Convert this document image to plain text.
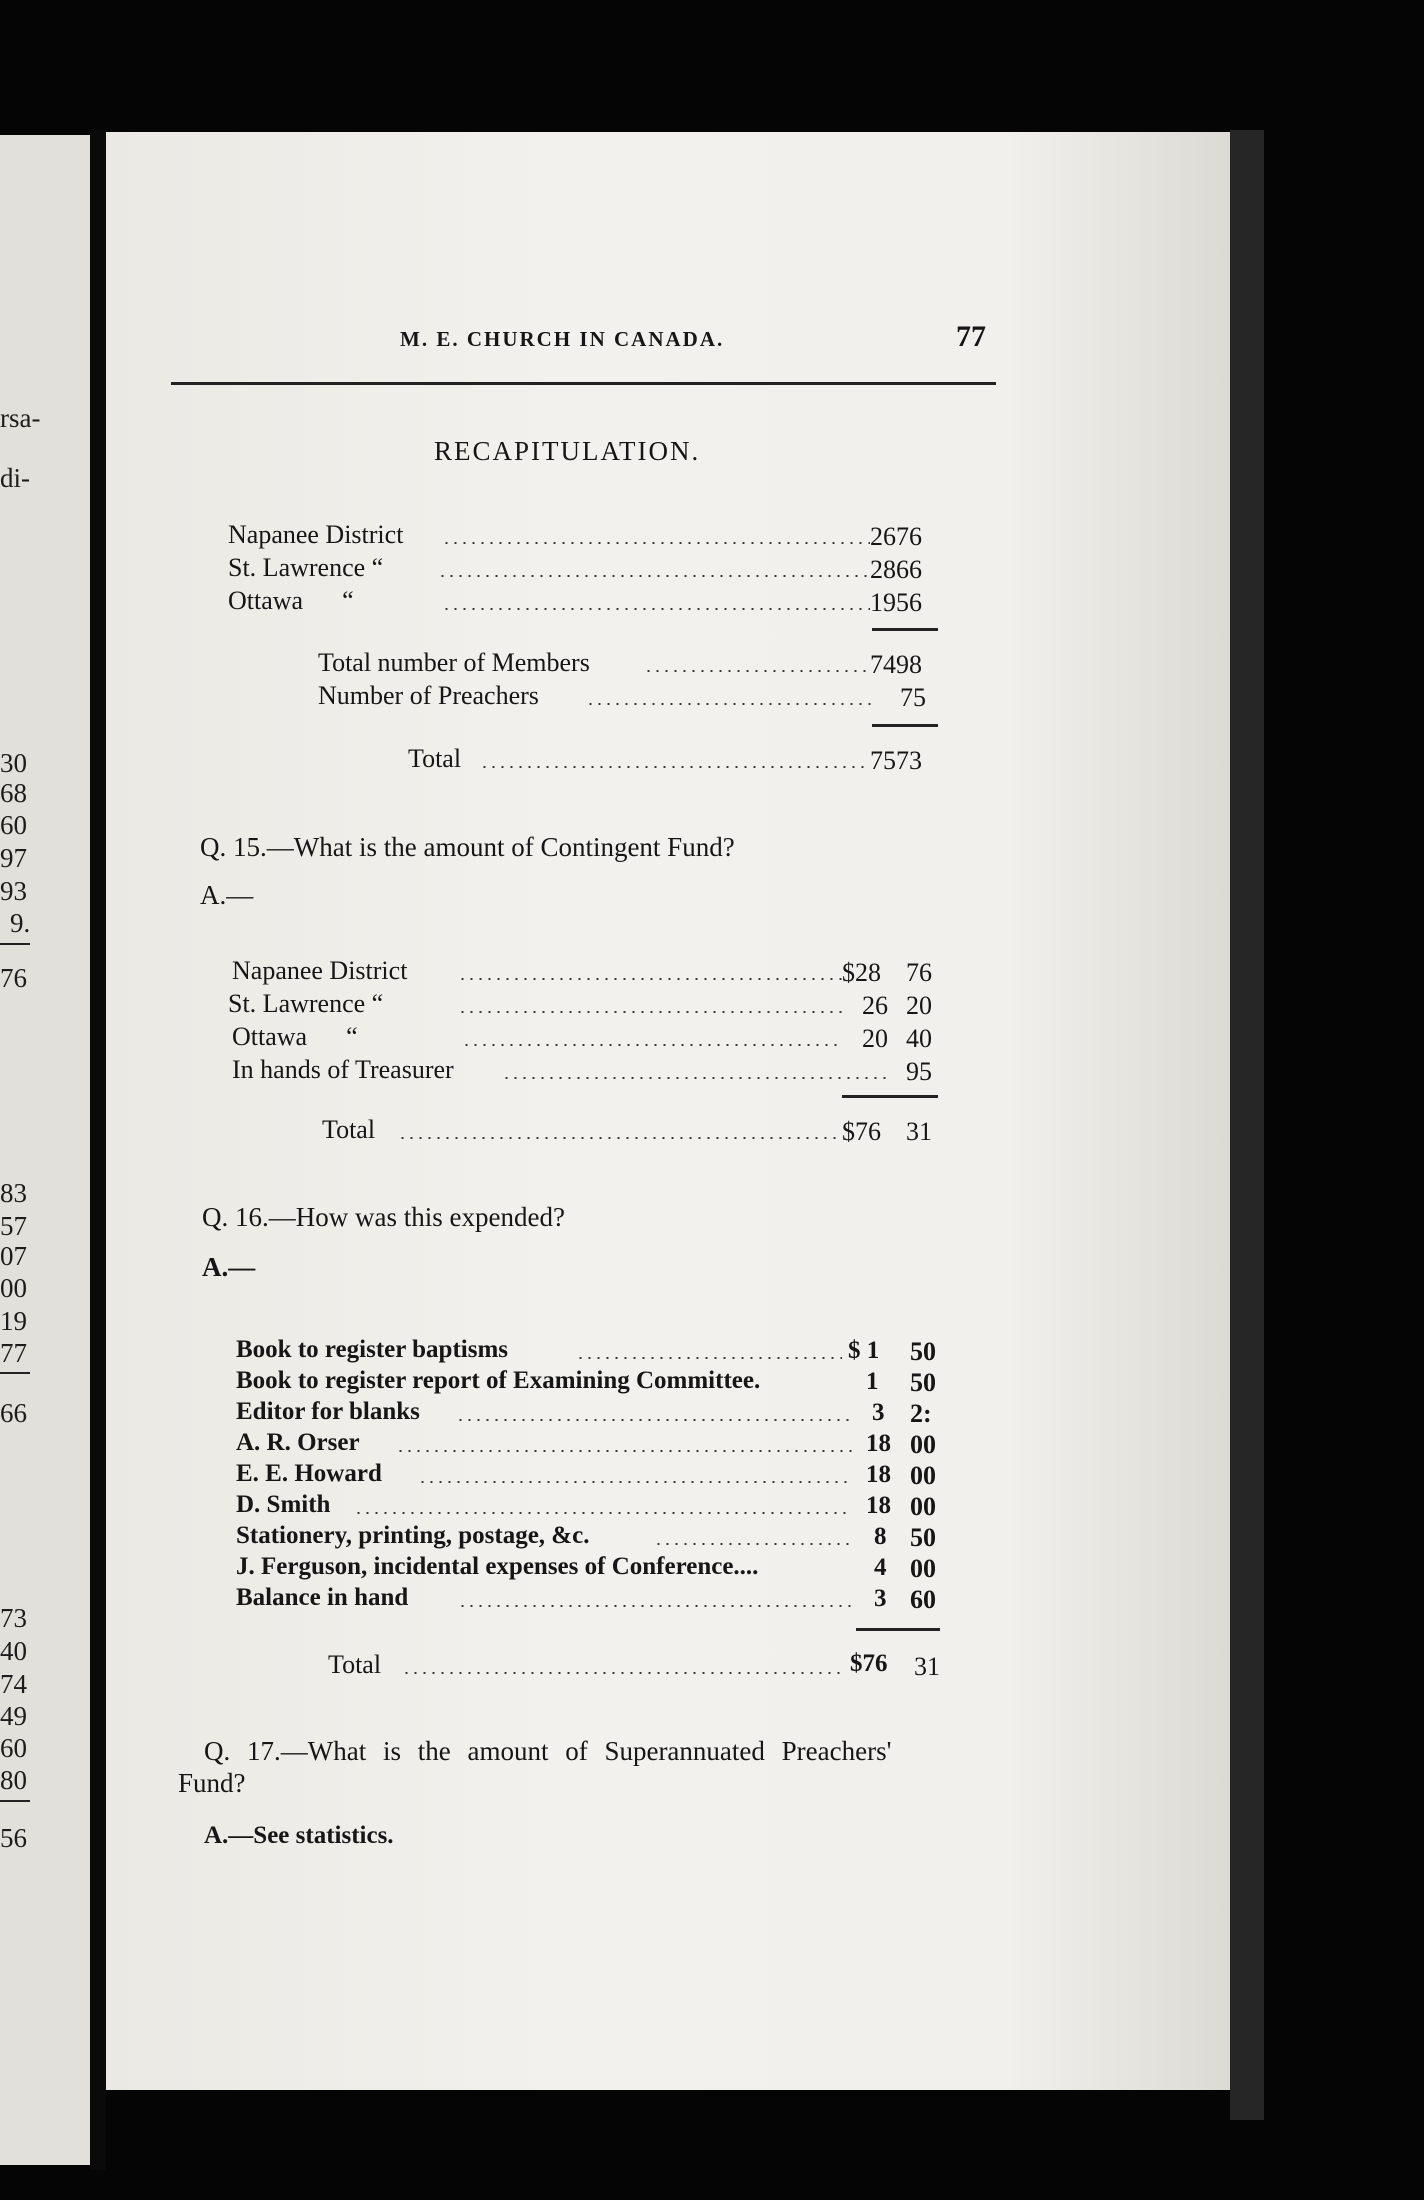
rsa-
di-
30
68
60
97
93
9.
76
83
57
07
00
19
77
66
73
40
74
49
60
80
56
M. E. CHURCH IN CANADA.	77
RECAPITULATION.
Napanee District	2676
St. Lawrence “	2866
Ottawa      “	1956
Total number of Members	7498
Number of Preachers	75
Total	7573
Q. 15.—What is the amount of Contingent Fund?
A.—
Napanee District	$28 76
St. Lawrence “	26 20
Ottawa      “	20 40
In hands of Treasurer	95
Total	$76 31
Q. 16.—How was this expended?
A.—
Book to register baptisms	$ 1 50
Book to register report of Examining Committee.	1 50
Editor for blanks	3 2:
A. R. Orser	18 00
E. E. Howard	18 00
D. Smith	18 00
Stationery, printing, postage, &c.	8 50
J. Ferguson, incidental expenses of Conference....	4 00
Balance in hand	3 60
Total	$76 31
Q. 17.—What is the amount of Superannuated Preachers'
Fund?
A.—See statistics.
